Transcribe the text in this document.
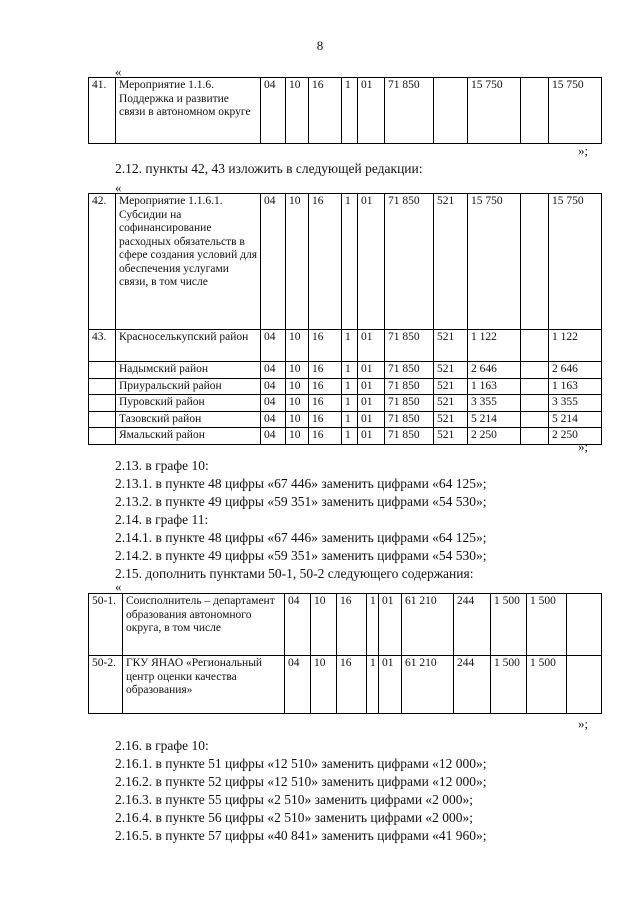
8
«
41.	Мероприятие 1.1.6. Поддержка и развитие связи в автономном округе	04	10	16	1	01	71 850		15 750		15 750
»;
2.12. пункты 42, 43 изложить в следующей редакции:
«
42.	Мероприятие 1.1.6.1. Субсидии на софинансирование расходных обязательств в сфере создания условий для обеспечения услугами связи, в том числе	04	10	16	1	01	71 850	521	15 750		15 750
43.	Красноселькупский район	04	10	16	1	01	71 850	521	1 122		1 122
	Надымский район	04	10	16	1	01	71 850	521	2 646		2 646
	Приуральский район	04	10	16	1	01	71 850	521	1 163		1 163
	Пуровский район	04	10	16	1	01	71 850	521	3 355		3 355
	Тазовский район	04	10	16	1	01	71 850	521	5 214		5 214
	Ямальский район	04	10	16	1	01	71 850	521	2 250		2 250
»;
2.13. в графе 10:
2.13.1. в пункте 48 цифры «67 446» заменить цифрами «64 125»;
2.13.2. в пункте 49 цифры «59 351» заменить цифрами «54 530»;
2.14. в графе 11:
2.14.1. в пункте 48 цифры «67 446» заменить цифрами «64 125»;
2.14.2. в пункте 49 цифры «59 351» заменить цифрами «54 530»;
2.15. дополнить пунктами 50-1, 50-2 следующего содержания:
«
50-1.	Соисполнитель – департамент образования автономного округа, в том числе	04	10	16	1	01	61 210	244	1 500	1 500	
50-2.	ГКУ ЯНАО «Региональный центр оценки качества образования»	04	10	16	1	01	61 210	244	1 500	1 500	
»;
2.16. в графе 10:
2.16.1. в пункте 51 цифры «12 510» заменить цифрами «12 000»;
2.16.2. в пункте 52 цифры «12 510» заменить цифрами «12 000»;
2.16.3. в пункте 55 цифры «2 510» заменить цифрами «2 000»;
2.16.4. в пункте 56 цифры «2 510» заменить цифрами «2 000»;
2.16.5. в пункте 57 цифры «40 841» заменить цифрами «41 960»;
